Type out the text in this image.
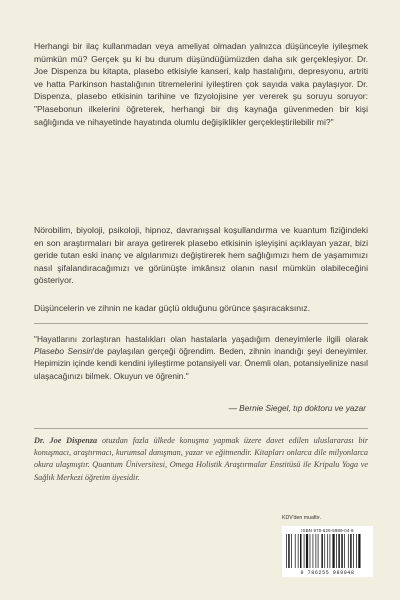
Herhangi bir ilaç kullanmadan veya ameliyat olmadan yalnızca düşünceyle iyileşmek mümkün mü? Gerçek şu ki bu durum düşündüğümüzden daha sık gerçekleşiyor. Dr. Joe Dispenza bu kitapta, plasebo etkisiyle kanseri, kalp hastalığını, depresyonu, artriti ve hatta Parkinson hastalığının titremelerini iyileştiren çok sayıda vaka paylaşıyor. Dr. Dispenza, plasebo etkisinin tarihine ve fizyolojisine yer vererek şu soruyu soruyor: "Plasebonun ilkelerini öğreterek, herhangi bir dış kaynağa güvenmeden bir kişi sağlığında ve nihayetinde hayatında olumlu değişiklikler gerçekleştirilebilir mi?"

Nörobilim, biyoloji, psikoloji, hipnoz, davranışsal koşullandırma ve kuantum fiziğindeki en son araştırmaları bir araya getirerek plasebo etkisinin işleyişini açıklayan yazar, bizi geride tutan eski inanç ve algılarımızı değiştirerek hem sağlığımızı hem de yaşamımızı nasıl şifalandıracağımızı ve görünüşte imkânsız olanın nasıl mümkün olabileceğini gösteriyor.

Düşüncelerin ve zihnin ne kadar güçlü olduğunu görünce şaşıracaksınız.

"Hayatlarını zorlaştıran hastalıkları olan hastalarla yaşadığım deneyimlerle ilgili olarak Plasebo Sensin'de paylaşılan gerçeği öğrendim. Beden, zihnin inandığı şeyi deneyimler. Hepimizin içinde kendi kendini iyileştirme potansiyeli var. Önemli olan, potansiyelinize nasıl ulaşacağınızı bilmek. Okuyun ve öğrenin."

— Bernie Siegel, tıp doktoru ve yazar

Dr. Joe Dispenza otuzdan fazla ülkede konuşma yapmak üzere davet edilen uluslararası bir konuşmacı, araştırmacı, kurumsal danışman, yazar ve eğitmendir. Kitapları onlarca dile milyonlarca okura ulaşmıştır. Quantum Üniversitesi, Omega Holistik Araştırmalar Enstitüsü ile Kripalu Yoga ve Sağlık Merkezi öğretim üyesidir.

KDV'den muaftır.

ISBN 978-625-5989-04-8
9 786255 989048
